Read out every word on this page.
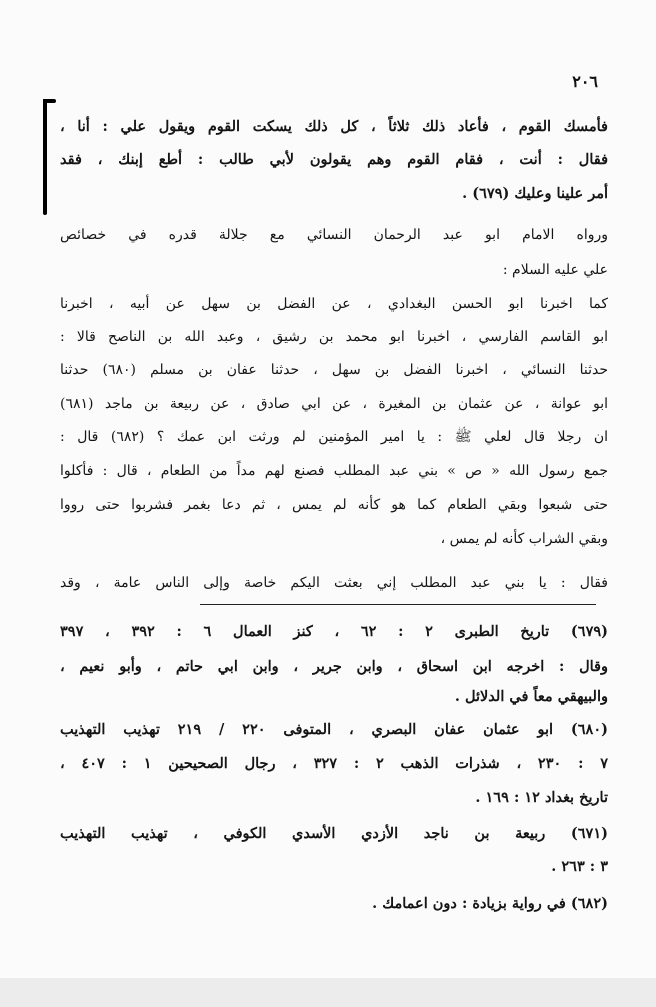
٢٠٦
فأمسك القوم ، فأعاد ذلك ثلاثاً ، كل ذلك يسكت القوم ويقول علي : أنا ،
فقال : أنت ، فقام القوم وهم يقولون لأبي طالب : أطع إبنك ، فقد
أمر علينا وعليك (٦٧٩) .
ورواه الامام ابو عبد الرحمان النسائي مع جلالة قدره في خصائص
علي عليه السلام :
كما اخبرنا ابو الحسن البغدادي ، عن الفضل بن سهل عن أبيه ، اخبرنا
ابو القاسم الفارسي ، اخبرنا ابو محمد بن رشيق ، وعبد الله بن الناصح قالا :
حدثنا النسائي ، اخبرنا الفضل بن سهل ، حدثنا عفان بن مسلم (٦٨٠) حدثنا
ابو عوانة ، عن عثمان بن المغيرة ، عن ابي صادق ، عن ربيعة بن ماجد (٦٨١)
ان رجلا قال لعلي ﷺ : يا امير المؤمنين لم ورثت ابن عمك ؟ (٦٨٢) قال :
جمع رسول الله « ص » بني عبد المطلب فصنع لهم مداً من الطعام ، قال : فأكلوا
حتى شبعوا وبقي الطعام كما هو كأنه لم يمس ، ثم دعا بغمر فشربوا حتى رووا
وبقي الشراب كأنه لم يمس ،
فقال : يا بني عبد المطلب إني بعثت اليكم خاصة وإلى الناس عامة ، وقد
(٦٧٩) تاريخ الطبرى ٢ : ٦٢ ، كنز العمال ٦ : ٣٩٢ ، ٣٩٧
وقال : اخرجه ابن اسحاق ، وابن جرير ، وابن ابي حاتم ، وأبو نعيم ،
والبيهقي معاً في الدلائل .
(٦٨٠) ابو عثمان عفان البصري ، المتوفى ٢٢٠ / ٢١٩ تهذيب التهذيب
٧ : ٢٣٠ ، شذرات الذهب ٢ : ٣٢٧ ، رجال الصحيحين ١ : ٤٠٧ ،
تاريخ بغداد ١٢ : ١٦٩ .
(٦٧١) ربيعة بن ناجد الأزدي الأسدي الكوفي ، تهذيب التهذيب
٣ : ٢٦٣ .
(٦٨٢) في رواية بزيادة : دون اعمامك .
